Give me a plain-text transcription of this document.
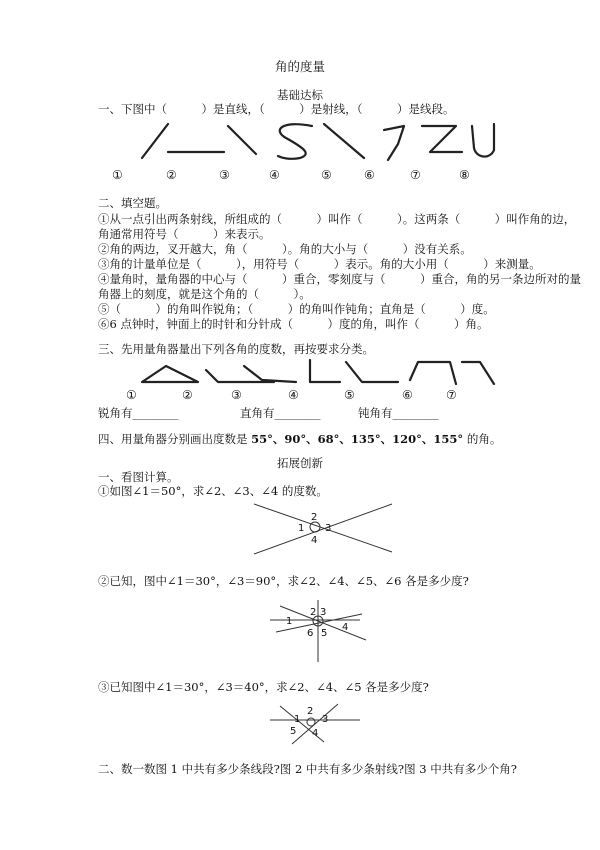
角的度量
基础达标
一、下图中（　　　）是直线，（　　　）是射线，（　　　）是线段。
①	②	③	④	⑤	⑥	⑦	⑧
二、填空题。
①从一点引出两条射线，所组成的（　　　）叫作（　　　）。这两条（　　　）叫作角的边，
角通常用符号（　　　）来表示。
②角的两边，叉开越大，角（　　　）。角的大小与（　　　）没有关系。
③角的计量单位是（　　　），用符号（　　　）表示。角的大小用（　　　）来测量。
④量角时，量角器的中心与（　　　）重合，零刻度与（　　　）重合，角的另一条边所对的量
角器上的刻度，就是这个角的（　　　）。
⑤（　　　）的角叫作锐角；（　　　）的角叫作钝角；直角是（　　　）度。
⑥6 点钟时，钟面上的时针和分针成（　　　）度的角，叫作（　　　）角。
三、先用量角器量出下列各角的度数，再按要求分类。
①	②	③	④	⑤	⑥	⑦
锐角有________	直角有________	钝角有________
四、用量角器分别画出度数是 55°、90°、68°、135°、120°、155° 的角。
拓展创新
一、看图计算。
①如图∠1＝50°，求∠2、∠3、∠4 的度数。
1
2
3
4
②已知，图中∠1＝30°，∠3＝90°，求∠2、∠4、∠5、∠6 各是多少度?
1
2 3
4
5
6
③已知图中∠1＝30°，∠3＝40°，求∠2、∠4、∠5 各是多少度?
1
2
3
4
5
二、数一数图 1 中共有多少条线段?图 2 中共有多少条射线?图 3 中共有多少个角?
